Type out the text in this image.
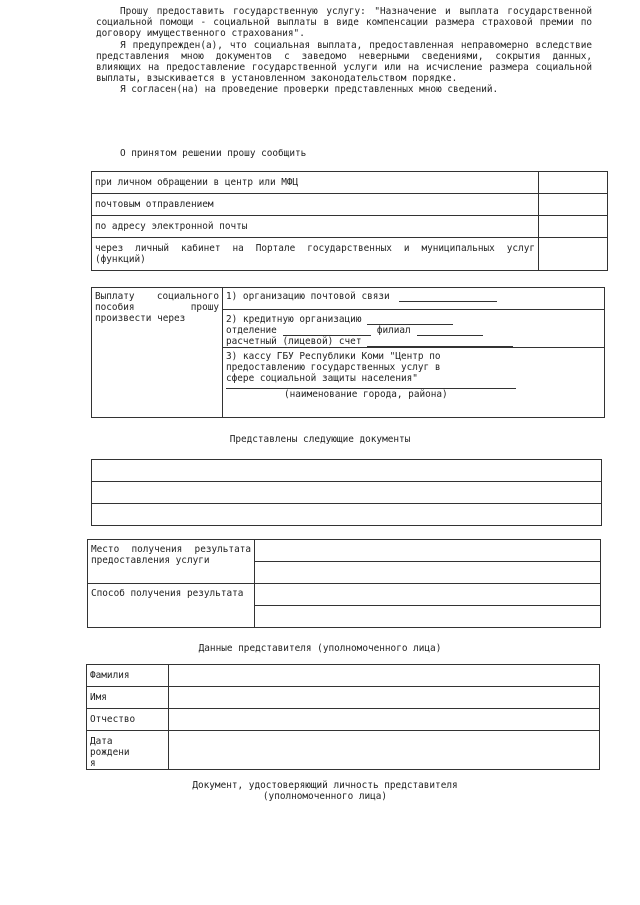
Прошу предоставить государственную услугу: "Назначение и выплата государственной социальной помощи - социальной выплаты в виде компенсации размера страховой премии по договору имущественного страхования".

Я предупрежден(а), что социальная выплата, предоставленная неправомерно вследствие представления мною документов с заведомо неверными сведениями, сокрытия данных, влияющих на предоставление государственной услуги или на исчисление размера социальной выплаты, взыскивается в установленном законодательством порядке.

Я согласен(на) на проведение проверки представленных мною сведений.

О принятом решении прошу сообщить
при личном обращении в центр или МФЦ	
почтовым отправлением	
по адресу электронной почты	
через личный кабинет на Портале государственных и муниципальных услуг (функций)	
Выплату социального пособия прошу произвести через	1) организацию почтовой связи

2) кредитную организацию
отделение	филиал
расчетный (лицевой) счет

3) кассу ГБУ Республики Коми "Центр по предоставлению государственных услуг в сфере социальной защиты населения"
(наименование города, района)
Представлены следующие документы

Место получения результата предоставления услуги	

Способ получения результата	

Данные представителя (уполномоченного лица)
Фамилия	
Имя	
Отчество	

Дата рождения	

Документ, удостоверяющий личность представителя
(уполномоченного лица)
